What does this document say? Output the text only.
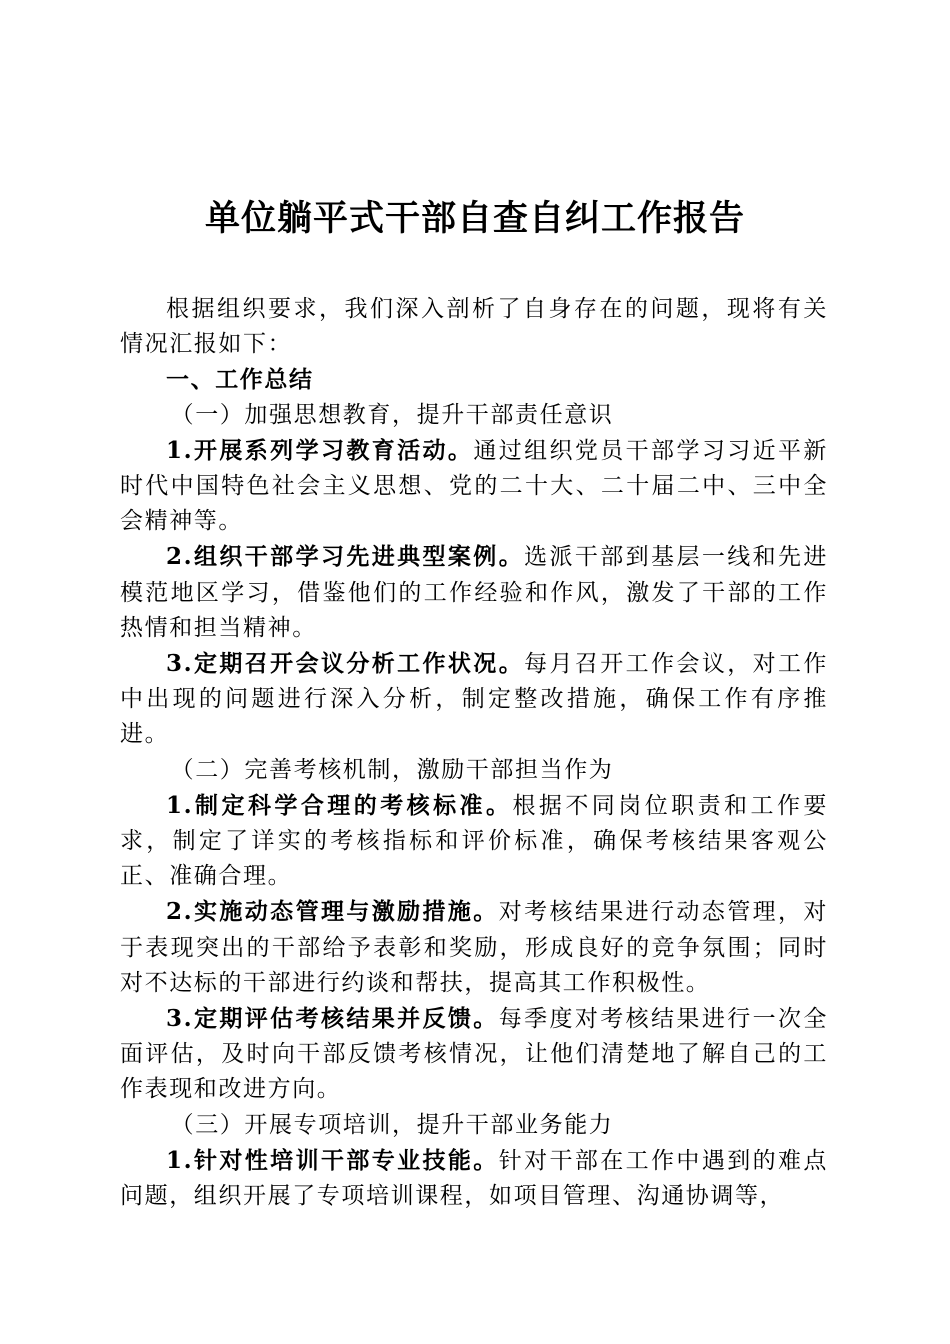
单位躺平式干部自查自纠工作报告

根据组织要求，我们深入剖析了自身存在的问题，现将有关情况汇报如下：

一、工作总结

（一）加强思想教育，提升干部责任意识

1.开展系列学习教育活动。通过组织党员干部学习习近平新时代中国特色社会主义思想、党的二十大、二十届二中、三中全会精神等。

2.组织干部学习先进典型案例。选派干部到基层一线和先进模范地区学习，借鉴他们的工作经验和作风，激发了干部的工作热情和担当精神。

3.定期召开会议分析工作状况。每月召开工作会议，对工作中出现的问题进行深入分析，制定整改措施，确保工作有序推进。

（二）完善考核机制，激励干部担当作为

1.制定科学合理的考核标准。根据不同岗位职责和工作要求，制定了详实的考核指标和评价标准，确保考核结果客观公正、准确合理。

2.实施动态管理与激励措施。对考核结果进行动态管理，对于表现突出的干部给予表彰和奖励，形成良好的竞争氛围；同时对不达标的干部进行约谈和帮扶，提高其工作积极性。

3.定期评估考核结果并反馈。每季度对考核结果进行一次全面评估，及时向干部反馈考核情况，让他们清楚地了解自己的工作表现和改进方向。

（三）开展专项培训，提升干部业务能力

1.针对性培训干部专业技能。针对干部在工作中遇到的难点问题，组织开展了专项培训课程，如项目管理、沟通协调等，
